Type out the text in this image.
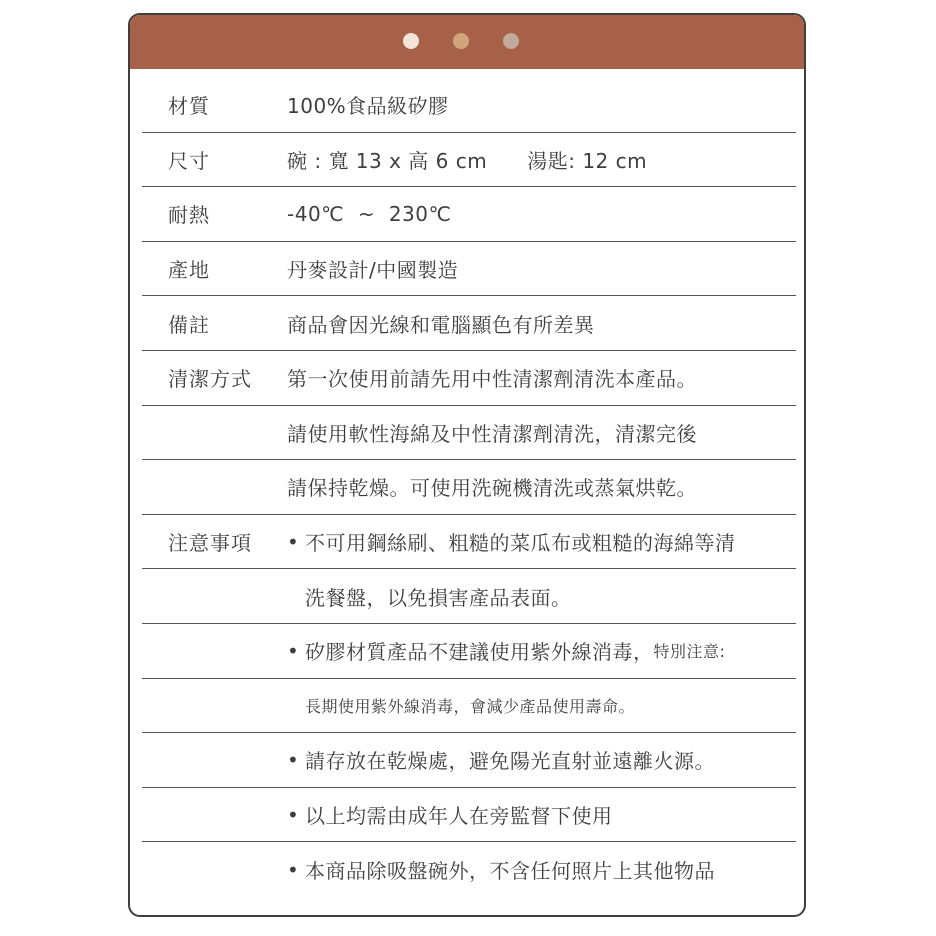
材質	100%食品級矽膠
尺寸	碗 : 寬 13 x 高 6 cm 湯匙: 12 cm
耐熱	-40℃  ~  230℃
產地	丹麥設計/中國製造
備註	商品會因光線和電腦顯色有所差異
清潔方式 第一次使用前請先用中性清潔劑清洗本產品。
請使用軟性海綿及中性清潔劑清洗，清潔完後
請保持乾燥。可使用洗碗機清洗或蒸氣烘乾。
注意事項 • 不可用鋼絲刷、粗糙的菜瓜布或粗糙的海綿等清
洗餐盤，以免損害產品表面。
• 矽膠材質產品不建議使用紫外線消毒， 特別注意:
長期使用紫外線消毒，會減少產品使用壽命。
• 請存放在乾燥處，避免陽光直射並遠離火源。
• 以上均需由成年人在旁監督下使用
• 本商品除吸盤碗外，不含任何照片上其他物品
